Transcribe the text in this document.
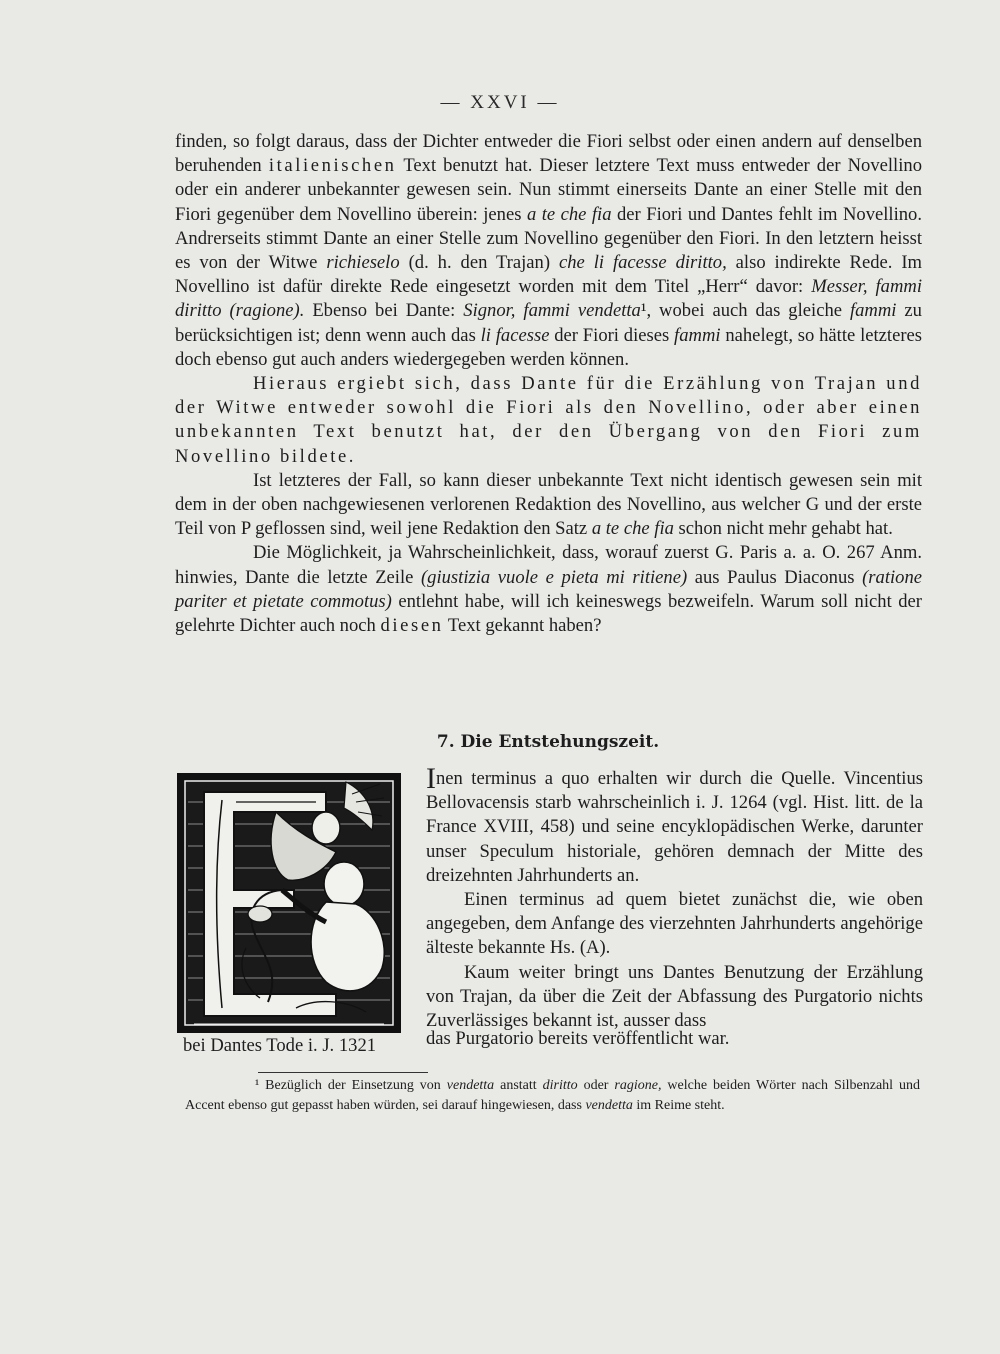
— XXVI —

finden, so folgt daraus, dass der Dichter entweder die Fiori selbst oder einen andern auf denselben beruhenden italienischen Text benutzt hat. Dieser letztere Text muss entweder der Novellino oder ein anderer unbekannter gewesen sein. Nun stimmt einerseits Dante an einer Stelle mit den Fiori gegenüber dem Novellino überein: jenes a te che fia der Fiori und Dantes fehlt im Novellino. Andrerseits stimmt Dante an einer Stelle zum Novellino gegenüber den Fiori. In den letztern heisst es von der Witwe richieselo (d. h. den Trajan) che li facesse diritto, also indirekte Rede. Im Novellino ist dafür direkte Rede eingesetzt worden mit dem Titel „Herr“ davor: Messer, fammi diritto (ragione). Ebenso bei Dante: Signor, fammi vendetta¹, wobei auch das gleiche fammi zu berücksichtigen ist; denn wenn auch das li facesse der Fiori dieses fammi nahelegt, so hätte letzteres doch ebenso gut auch anders wiedergegeben werden können.

Hieraus ergiebt sich, dass Dante für die Erzählung von Trajan und der Witwe entweder sowohl die Fiori als den Novellino, oder aber einen unbekannten Text benutzt hat, der den Übergang von den Fiori zum Novellino bildete.

Ist letzteres der Fall, so kann dieser unbekannte Text nicht identisch gewesen sein mit dem in der oben nachgewiesenen verlorenen Redaktion des Novellino, aus welcher G und der erste Teil von P geflossen sind, weil jene Redaktion den Satz a te che fia schon nicht mehr gehabt hat.

Die Möglichkeit, ja Wahrscheinlichkeit, dass, worauf zuerst G. Paris a. a. O. 267 Anm. hinwies, Dante die letzte Zeile (giustizia vuole e pieta mi ritiene) aus Paulus Diaconus (ratione pariter et pietate commotus) entlehnt habe, will ich keineswegs bezweifeln. Warum soll nicht der gelehrte Dichter auch noch diesen Text gekannt haben?

7. Die Entstehungszeit.

Inen terminus a quo erhalten wir durch die Quelle. Vincentius Bellovacensis starb wahrscheinlich i. J. 1264 (vgl. Hist. litt. de la France XVIII, 458) und seine encyklopädischen Werke, darunter unser Speculum historiale, gehören demnach der Mitte des dreizehnten Jahrhunderts an.

Einen terminus ad quem bietet zunächst die, wie oben angegeben, dem Anfange des vierzehnten Jahrhunderts angehörige älteste bekannte Hs. (A).

Kaum weiter bringt uns Dantes Benutzung der Erzählung von Trajan, da über die Zeit der Abfassung des Purgatorio nichts Zuverlässiges bekannt ist, ausser dass

bei Dantes Tode i. J. 1321	das Purgatorio bereits veröffentlicht war.

¹ Bezüglich der Einsetzung von vendetta anstatt diritto oder ragione, welche beiden Wörter nach Silbenzahl und Accent ebenso gut gepasst haben würden, sei darauf hingewiesen, dass vendetta im Reime steht.
